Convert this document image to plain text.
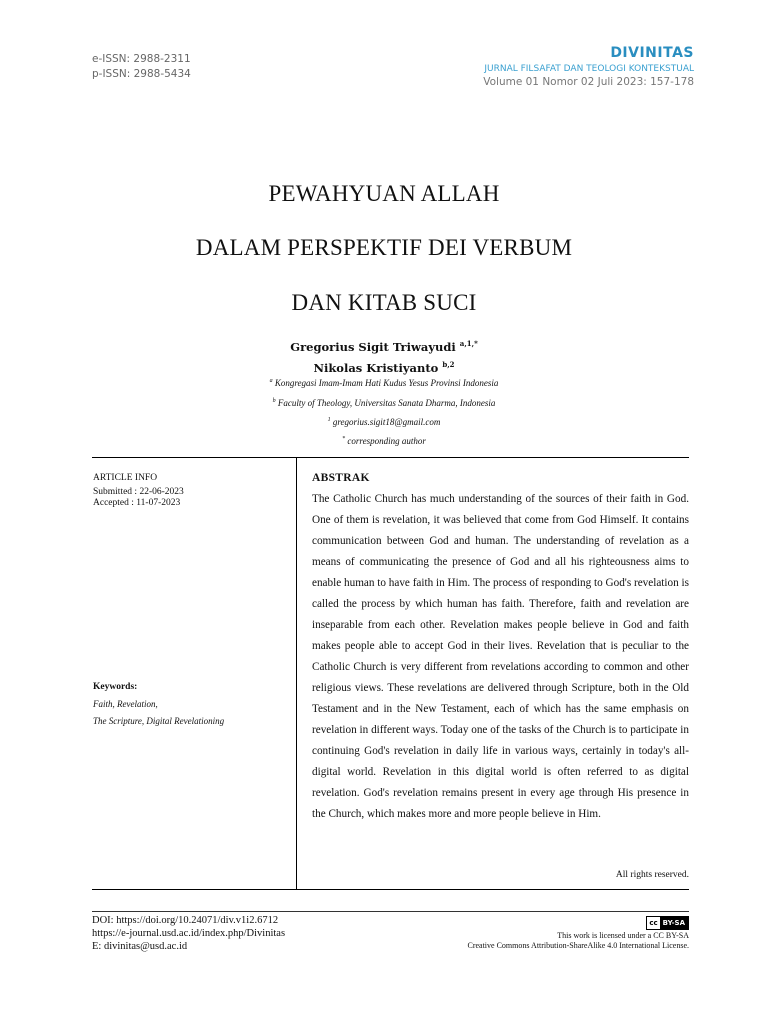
e-ISSN: 2988-2311
p-ISSN: 2988-5434
DIVINITAS
JURNAL FILSAFAT DAN TEOLOGI KONTEKSTUAL
Volume 01 Nomor 02 Juli 2023: 157-178
PEWAHYUAN ALLAH
DALAM PERSPEKTIF DEI VERBUM
DAN KITAB SUCI
Gregorius Sigit Triwayudi $^{a,1,*}$
Nikolas Kristiyanto $^{b,2}$
$^a$ Kongregasi Imam-Imam Hati Kudus Yesus Provinsi Indonesia
$^b$ Faculty of Theology, Universitas Sanata Dharma, Indonesia
$^1$ gregorius.sigit18@gmail.com
* corresponding author
ARTICLE INFO
Submitted : 22-06-2023
Accepted : 11-07-2023
Keywords:
Faith, Revelation,
The Scripture, Digital Revelationing
ABSTRAK
The Catholic Church has much understanding of the sources of their faith in God. One of them is revelation, it was believed that come from God Himself. It contains communication between God and human. The understanding of revelation as a means of communicating the presence of God and all his righteousness aims to enable human to have faith in Him. The process of responding to God's revelation is called the process by which human has faith. Therefore, faith and revelation are inseparable from each other. Revelation makes people believe in God and faith makes people able to accept God in their lives. Revelation that is peculiar to the Catholic Church is very different from revelations according to common and other religious views. These revelations are delivered through Scripture, both in the Old Testament and in the New Testament, each of which has the same emphasis on revelation in different ways. Today one of the tasks of the Church is to participate in continuing God's revelation in daily life in various ways, certainly in today's all-digital world. Revelation in this digital world is often referred to as digital revelation. God's revelation remains present in every age through His presence in the Church, which makes more and more people believe in Him.
All rights reserved.
DOI: https://doi.org/10.24071/div.v1i2.6712
https://e-journal.usd.ac.id/index.php/Divinitas
E: divinitas@usd.ac.id
cc BY-SA
This work is licensed under a CC BY-SA
Creative Commons Attribution-ShareAlike 4.0 International License.
